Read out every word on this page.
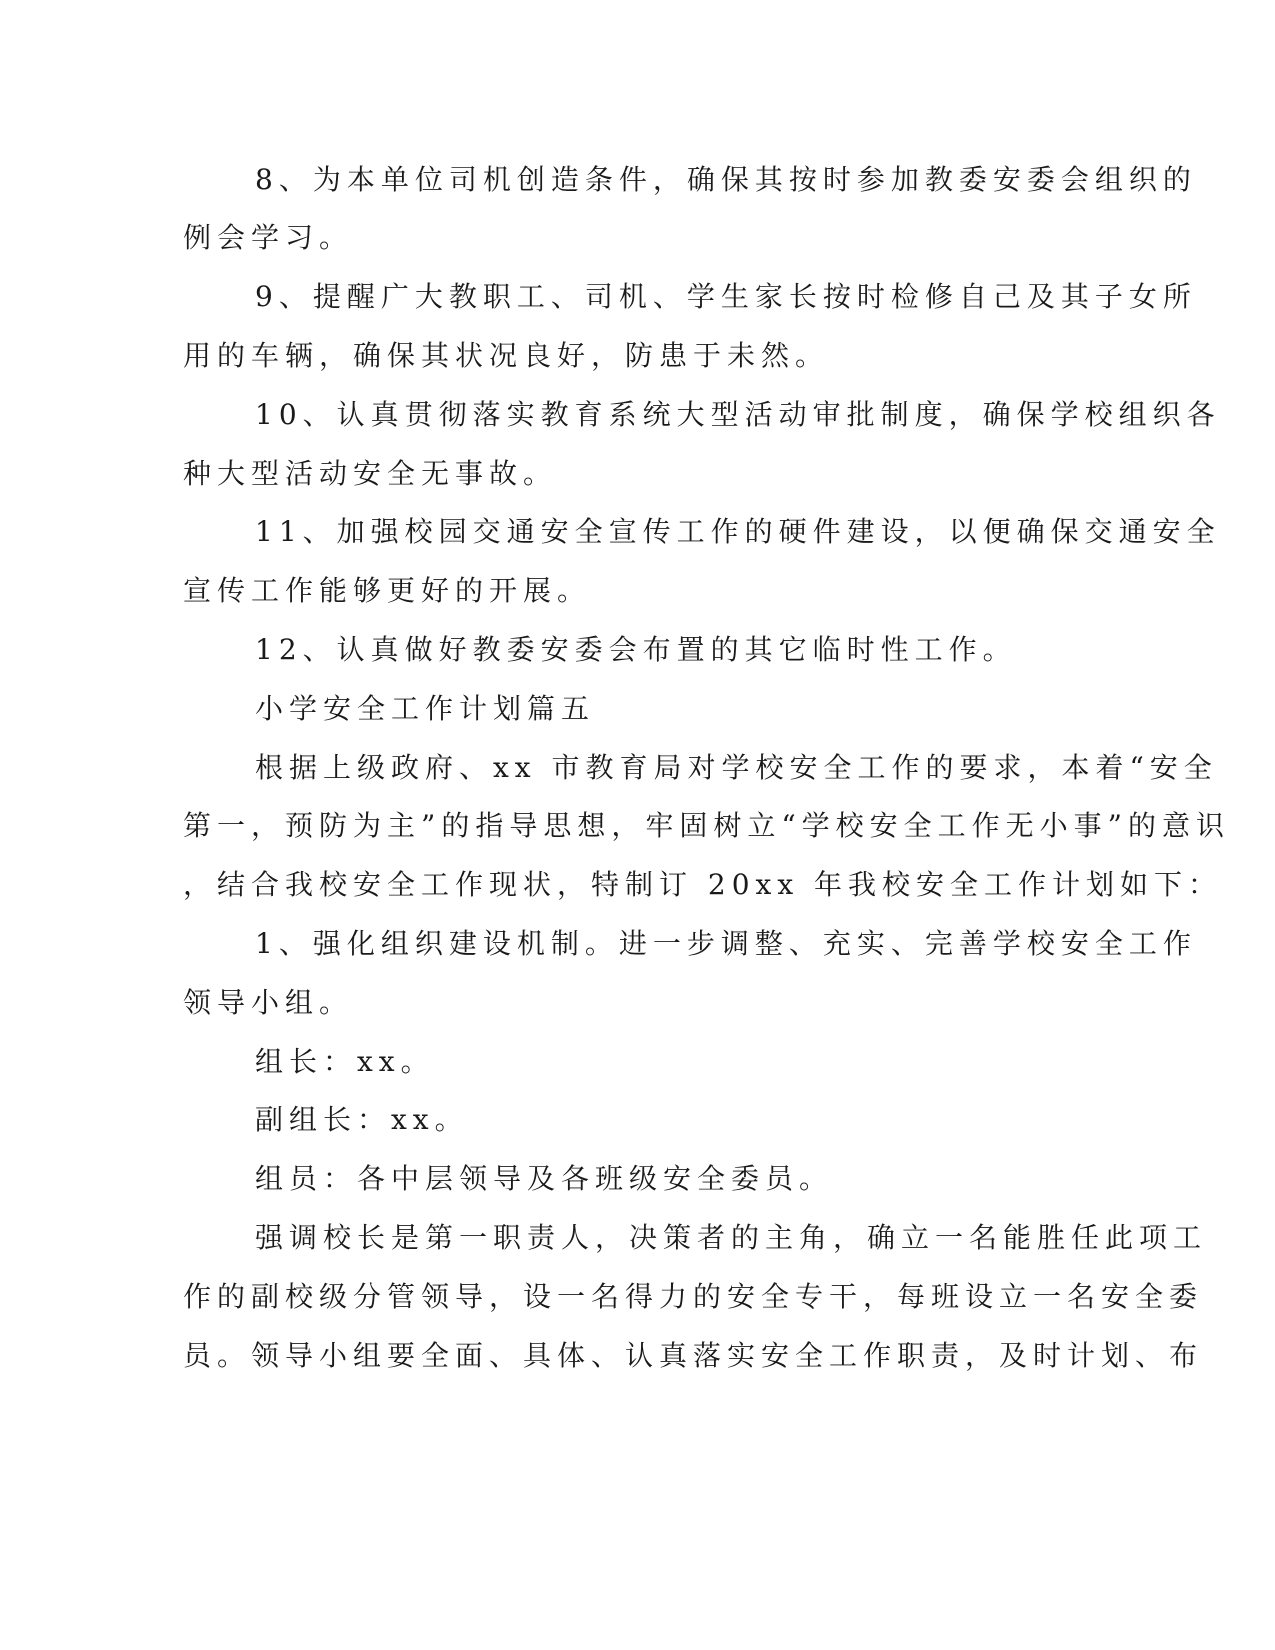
8、为本单位司机创造条件，确保其按时参加教委安委会组织的
例会学习。
9、提醒广大教职工、司机、学生家长按时检修自己及其子女所
用的车辆，确保其状况良好，防患于未然。
10、认真贯彻落实教育系统大型活动审批制度，确保学校组织各
种大型活动安全无事故。
11、加强校园交通安全宣传工作的硬件建设，以便确保交通安全
宣传工作能够更好的开展。
12、认真做好教委安委会布置的其它临时性工作。
小学安全工作计划篇五
根据上级政府、xx 市教育局对学校安全工作的要求，本着“安全
第一，预防为主”的指导思想，牢固树立“学校安全工作无小事”的意识
，结合我校安全工作现状，特制订 20xx 年我校安全工作计划如下：
1、强化组织建设机制。进一步调整、充实、完善学校安全工作
领导小组。
组长：xx。
副组长：xx。
组员：各中层领导及各班级安全委员。
强调校长是第一职责人，决策者的主角，确立一名能胜任此项工
作的副校级分管领导，设一名得力的安全专干，每班设立一名安全委
员。领导小组要全面、具体、认真落实安全工作职责，及时计划、布
